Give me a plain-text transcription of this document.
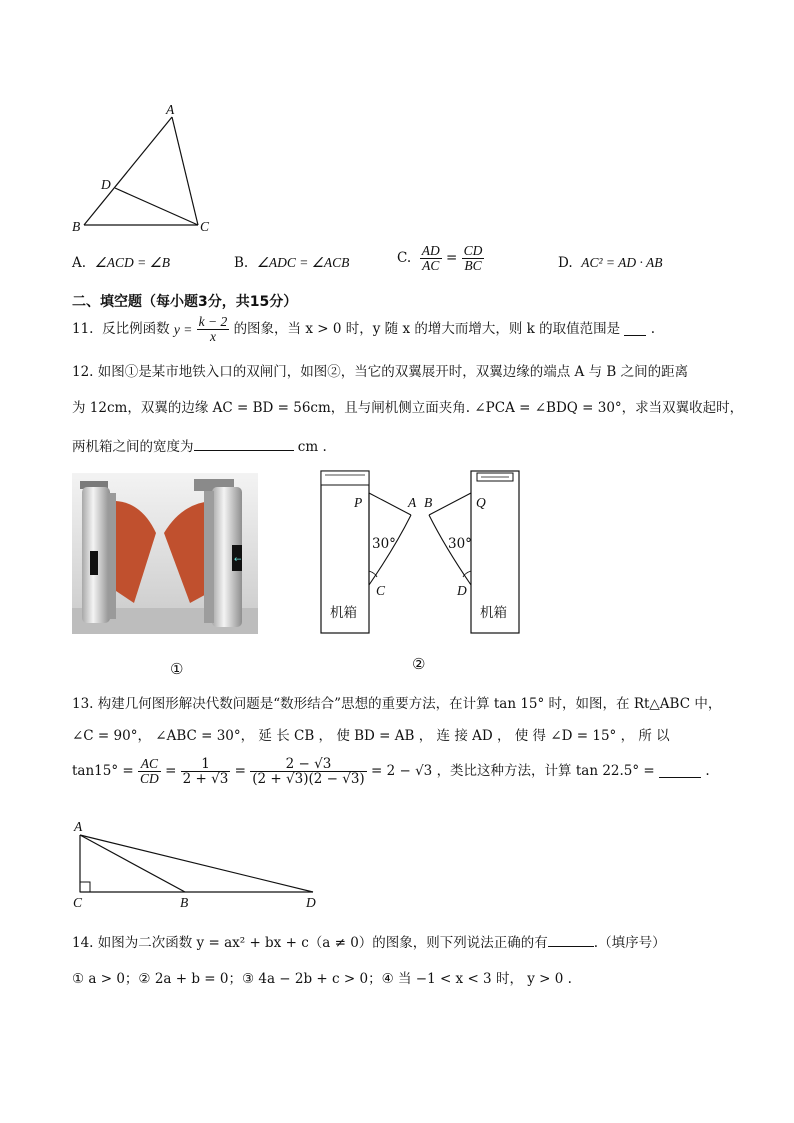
A
D
B	C
A. ∠ACD = ∠B	B. ∠ADC = ∠ACB	C. $\frac{AD}{AC} = \frac{CD}{BC}$	D. AC² = AD · AB
二、填空题（每小题3分，共15分）
11. 反比例函数 $y = \frac{k - 2}{x}$ 的图象，当 x > 0 时，y 随 x 的增大而增大，则 k 的取值范围是 .
12. 如图①是某市地铁入口的双闸门，如图②，当它的双翼展开时，双翼边缘的端点 A 与 B 之间的距离
为 12cm，双翼的边缘 AC = BD = 56cm，且与闸机侧立面夹角. ∠PCA = ∠BDQ = 30°，求当双翼收起时，
两机箱之间的宽度为	cm .
←
①
P	A B	Q
30°	30°
C	D
机箱	机箱
②
13. 构建几何图形解决代数问题是“数形结合”思想的重要方法，在计算 tan 15° 时，如图，在 Rt△ABC 中，
∠C = 90°， ∠ABC = 30°， 延 长 CB ， 使 BD = AB ， 连 接 AD ， 使 得 ∠D = 15° ， 所 以
$\tan 15^\circ = \frac{AC}{CD} = \frac{1}{2 + √3} = \frac{2 - √3}{(2 + √3)(2 - √3)} = 2 - √3$ ，类比这种方法，计算 tan 22.5° =	.
A
C	B	D
14. 如图为二次函数 y = ax² + bx + c（a ≠ 0）的图象，则下列说法正确的有	.（填序号）
① a > 0；② 2a + b = 0；③ 4a − 2b + c > 0；④ 当 −1 < x < 3 时， y > 0 .
